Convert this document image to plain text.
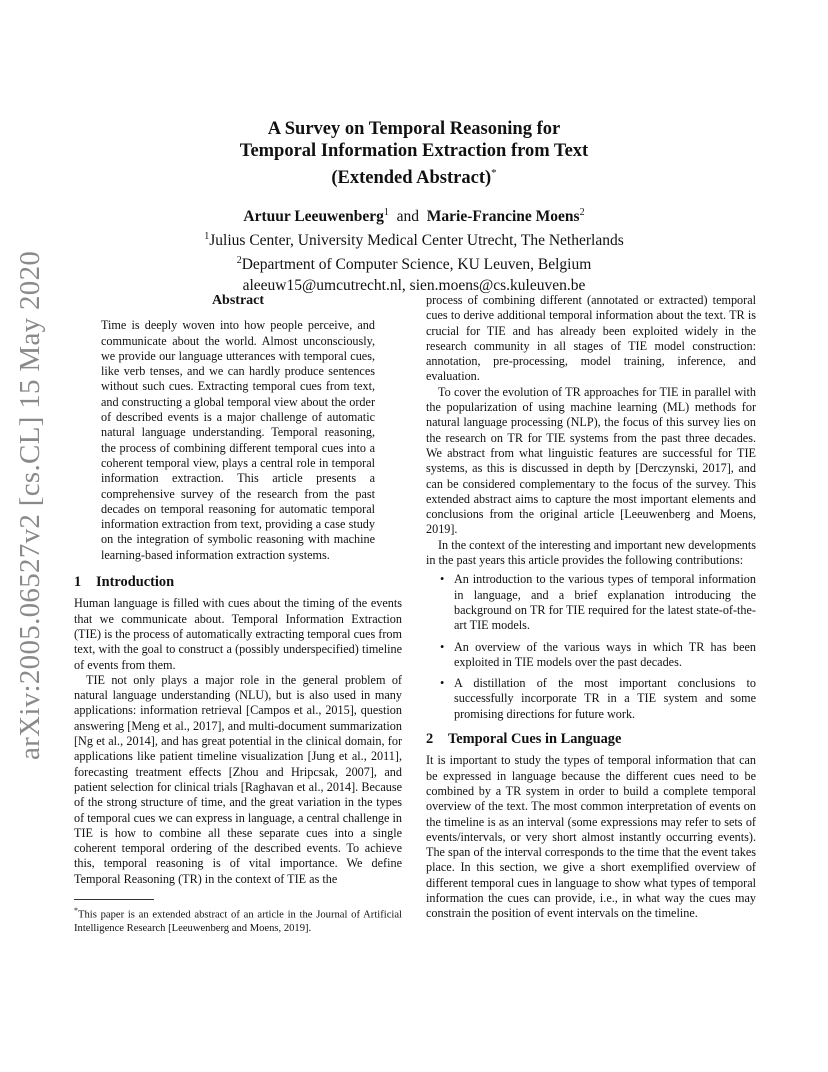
arXiv:2005.06527v2 [cs.CL] 15 May 2020
A Survey on Temporal Reasoning for
Temporal Information Extraction from Text
(Extended Abstract)*
Artuur Leeuwenberg$^1$ and Marie-Francine Moens$^2$
$^1$Julius Center, University Medical Center Utrecht, The Netherlands
$^2$Department of Computer Science, KU Leuven, Belgium
aleeuw15@umcutrecht.nl, sien.moens@cs.kuleuven.be
Abstract

Time is deeply woven into how people perceive, and communicate about the world. Almost unconsciously, we provide our language utterances with temporal cues, like verb tenses, and we can hardly produce sentences without such cues. Extracting temporal cues from text, and constructing a global temporal view about the order of described events is a major challenge of automatic natural language understanding. Temporal reasoning, the process of combining different temporal cues into a coherent temporal view, plays a central role in temporal information extraction. This article presents a comprehensive survey of the research from the past decades on temporal reasoning for automatic temporal information extraction from text, providing a case study on the integration of symbolic reasoning with machine learning-based information extraction systems.

1 Introduction

Human language is filled with cues about the timing of the events that we communicate about. Temporal Information Extraction (TIE) is the process of automatically extracting temporal cues from text, with the goal to construct a (possibly underspecified) timeline of events from them.

TIE not only plays a major role in the general problem of natural language understanding (NLU), but is also used in many applications: information retrieval [Campos et al., 2015], question answering [Meng et al., 2017], and multi-document summarization [Ng et al., 2014], and has great potential in the clinical domain, for applications like patient timeline visualization [Jung et al., 2011], forecasting treatment effects [Zhou and Hripcsak, 2007], and patient selection for clinical trials [Raghavan et al., 2014]. Because of the strong structure of time, and the great variation in the types of temporal cues we can express in language, a central challenge in TIE is how to combine all these separate cues into a single coherent temporal ordering of the described events. To achieve this, temporal reasoning is of vital importance. We define Temporal Reasoning (TR) in the context of TIE as the

*This paper is an extended abstract of an article in the Journal of Artificial Intelligence Research [Leeuwenberg and Moens, 2019].

process of combining different (annotated or extracted) temporal cues to derive additional temporal information about the text. TR is crucial for TIE and has already been exploited widely in the research community in all stages of TIE model construction: annotation, pre-processing, model training, inference, and evaluation.

To cover the evolution of TR approaches for TIE in parallel with the popularization of using machine learning (ML) methods for natural language processing (NLP), the focus of this survey lies on the research on TR for TIE systems from the past three decades. We abstract from what linguistic features are successful for TIE systems, as this is discussed in depth by [Derczynski, 2017], and can be considered complementary to the focus of the survey. This extended abstract aims to capture the most important elements and conclusions from the original article [Leeuwenberg and Moens, 2019].

In the context of the interesting and important new developments in the past years this article provides the following contributions:

• An introduction to the various types of temporal information in language, and a brief explanation introducing the background on TR for TIE required for the latest state-of-the-art TIE models.
• An overview of the various ways in which TR has been exploited in TIE models over the past decades.
• A distillation of the most important conclusions to successfully incorporate TR in a TIE system and some promising directions for future work.
2 Temporal Cues in Language

It is important to study the types of temporal information that can be expressed in language because the different cues need to be combined by a TR system in order to build a complete temporal overview of the text. The most common interpretation of events on the timeline is as an interval (some expressions may refer to sets of events/intervals, or very short almost instantly occurring events). The span of the interval corresponds to the time that the event takes place. In this section, we give a short exemplified overview of different temporal cues in language to show what types of temporal information the cues can provide, i.e., in what way the cues may constrain the position of event intervals on the timeline.
